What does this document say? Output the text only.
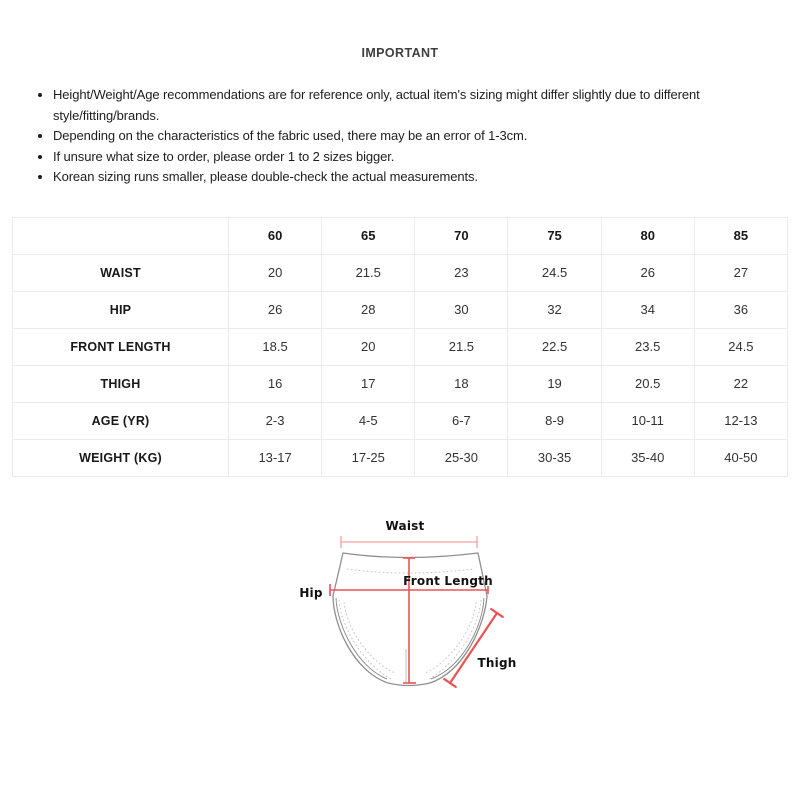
IMPORTANT
• Height/Weight/Age recommendations are for reference only, actual item's sizing might differ slightly due to different style/fitting/brands.
• Depending on the characteristics of the fabric used, there may be an error of 1-3cm.
• If unsure what size to order, please order 1 to 2 sizes bigger.
• Korean sizing runs smaller, please double-check the actual measurements.
	60	65	70	75	80	85
WAIST	20	21.5	23	24.5	26	27
HIP	26	28	30	32	34	36
FRONT LENGTH	18.5	20	21.5	22.5	23.5	24.5
THIGH	16	17	18	19	20.5	22
AGE (YR)	2-3	4-5	6-7	8-9	10-11	12-13
WEIGHT (KG)	13-17	17-25	25-30	30-35	35-40	40-50
Waist
Hip
Front Length
Thigh
